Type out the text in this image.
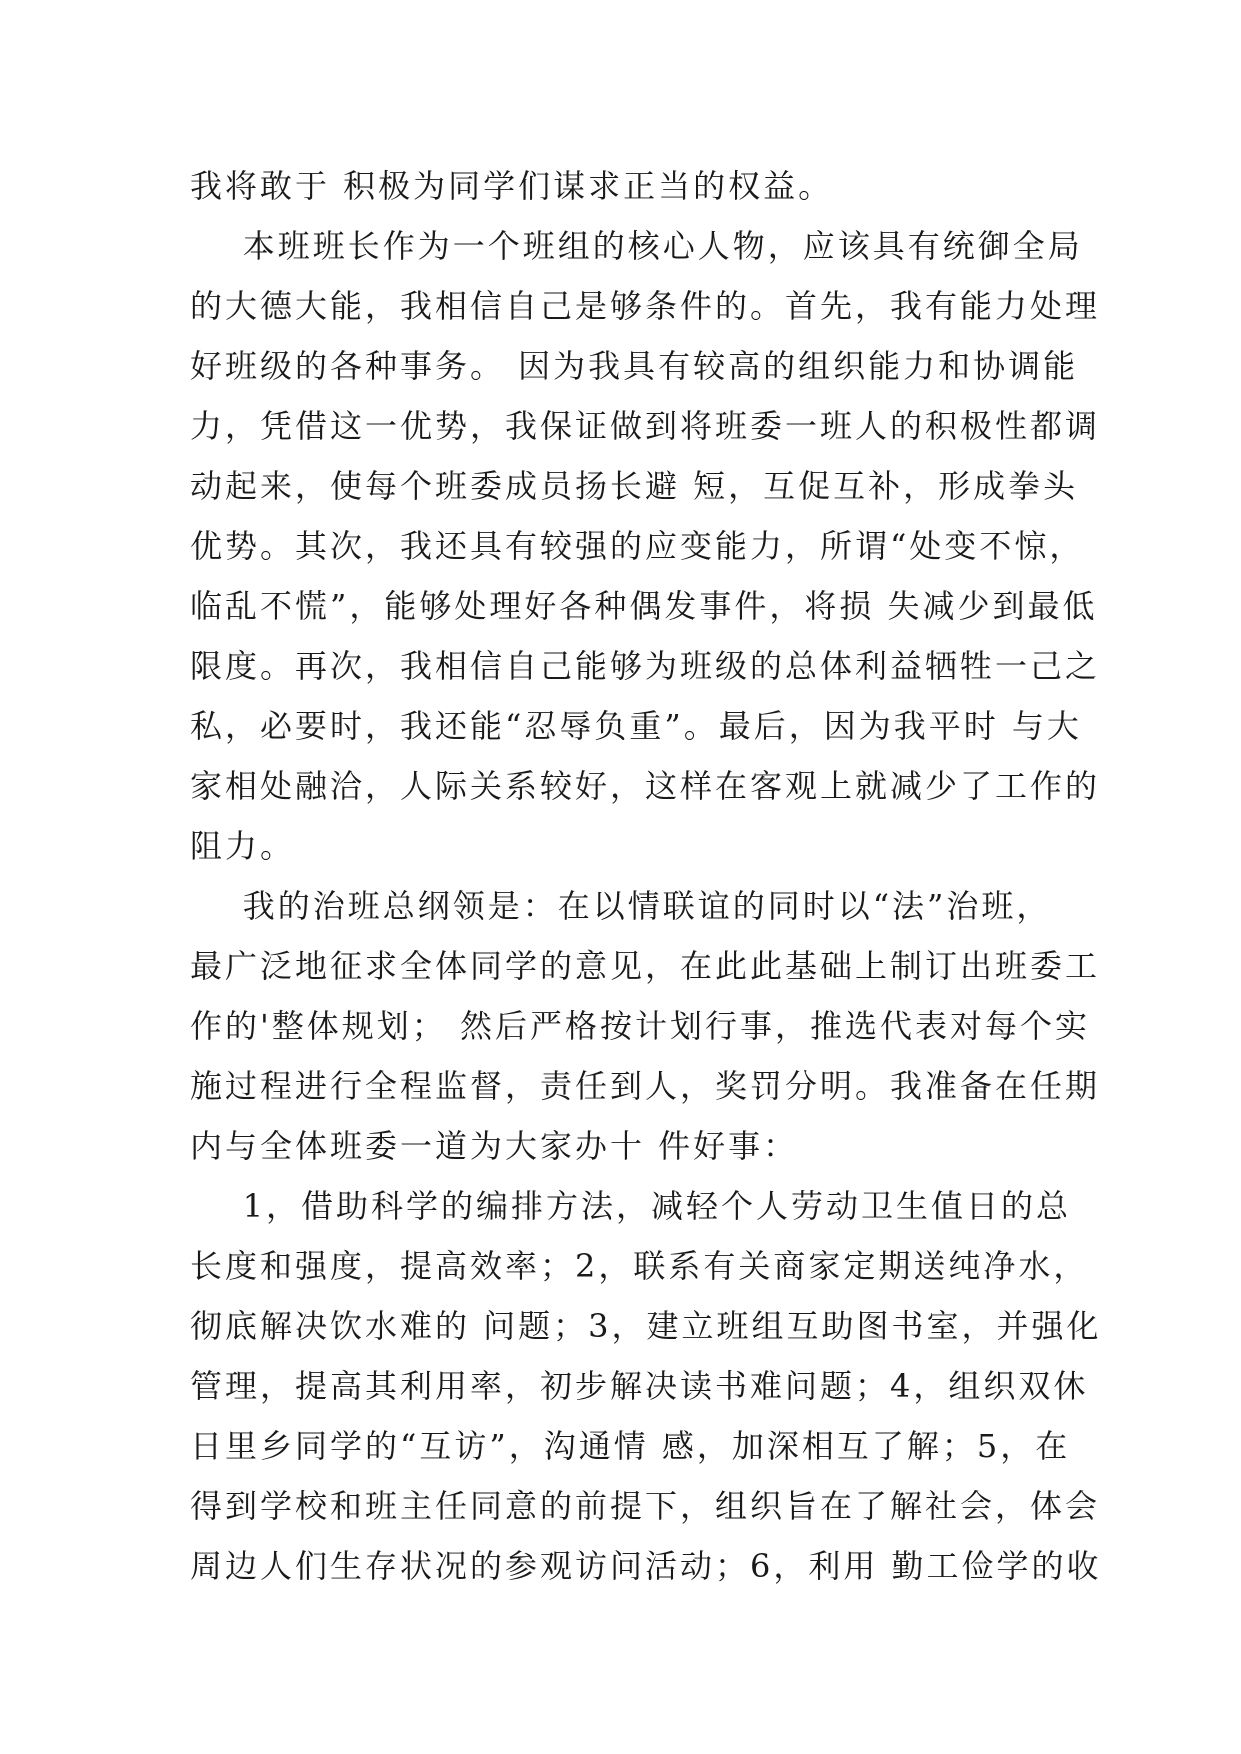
我将敢于 积极为同学们谋求正当的权益。
本班班长作为一个班组的核心人物，应该具有统御全局
的大德大能，我相信自己是够条件的。首先，我有能力处理
好班级的各种事务。 因为我具有较高的组织能力和协调能
力，凭借这一优势，我保证做到将班委一班人的积极性都调
动起来，使每个班委成员扬长避 短，互促互补，形成拳头
优势。其次，我还具有较强的应变能力，所谓“处变不惊，
临乱不慌”，能够处理好各种偶发事件，将损 失减少到最低
限度。再次，我相信自己能够为班级的总体利益牺牲一己之
私，必要时，我还能“忍辱负重”。最后，因为我平时 与大
家相处融洽，人际关系较好，这样在客观上就减少了工作的
阻力。
我的治班总纲领是：在以情联谊的同时以“法”治班，
最广泛地征求全体同学的意见，在此此基础上制订出班委工
作的'整体规划； 然后严格按计划行事，推选代表对每个实
施过程进行全程监督，责任到人，奖罚分明。我准备在任期
内与全体班委一道为大家办十 件好事：
1，借助科学的编排方法，减轻个人劳动卫生值日的总
长度和强度，提高效率；2，联系有关商家定期送纯净水，
彻底解决饮水难的 问题；3，建立班组互助图书室，并强化
管理，提高其利用率，初步解决读书难问题；4，组织双休
日里乡同学的“互访”，沟通情 感，加深相互了解；5，在
得到学校和班主任同意的前提下，组织旨在了解社会，体会
周边人们生存状况的参观访问活动；6，利用 勤工俭学的收
